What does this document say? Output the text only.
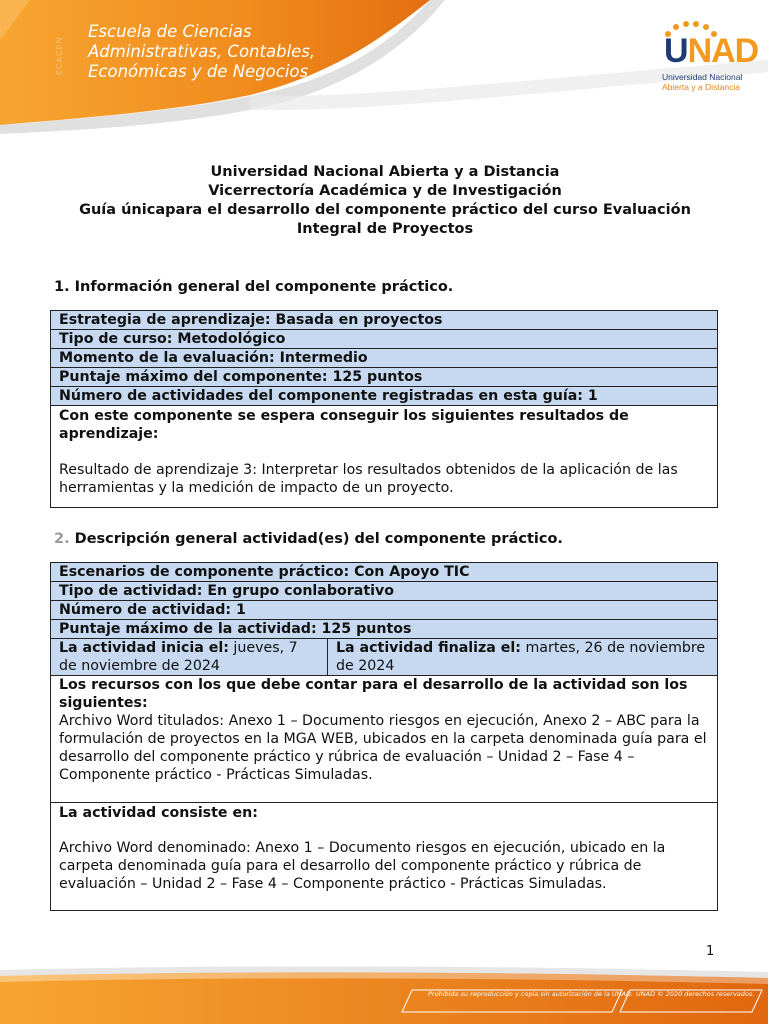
ECACEN
Escuela de Ciencias
Administrativas, Contables,
Económicas y de Negocios
UNAD
Universidad Nacional
Abierta y a Distancia
Universidad Nacional Abierta y a Distancia
Vicerrectoría Académica y de Investigación
Guía únicapara el desarrollo del componente práctico del curso Evaluación
Integral de Proyectos
1. Información general del componente práctico.
Estrategia de aprendizaje: Basada en proyectos
Tipo de curso: Metodológico
Momento de la evaluación: Intermedio
Puntaje máximo del componente: 125 puntos
Número de actividades del componente registradas en esta guía: 1
Con este componente se espera conseguir los siguientes resultados de aprendizaje:
Resultado de aprendizaje 3: Interpretar los resultados obtenidos de la aplicación de las herramientas y la medición de impacto de un proyecto.
2. Descripción general actividad(es) del componente práctico.
Escenarios de componente práctico: Con Apoyo TIC
Tipo de actividad: En grupo conlaborativo
Número de actividad: 1
Puntaje máximo de la actividad: 125 puntos
La actividad inicia el: jueves, 7 de noviembre de 2024	La actividad finaliza el: martes, 26 de noviembre de 2024
Los recursos con los que debe contar para el desarrollo de la actividad son los siguientes:
Archivo Word titulados: Anexo 1 – Documento riesgos en ejecución, Anexo 2 – ABC para la formulación de proyectos en la MGA WEB, ubicados en la carpeta denominada guía para el desarrollo del componente práctico y rúbrica de evaluación – Unidad 2 – Fase 4 – Componente práctico - Prácticas Simuladas.

La actividad consiste en:
Archivo Word denominado: Anexo 1 – Documento riesgos en ejecución, ubicado en la carpeta denominada guía para el desarrollo del componente práctico y rúbrica de evaluación – Unidad 2 – Fase 4 – Componente práctico - Prácticas Simuladas.
1
Prohibida su reproducción y copia sin autorización de la UNAD. UNAD © 2020 derechos reservados.
